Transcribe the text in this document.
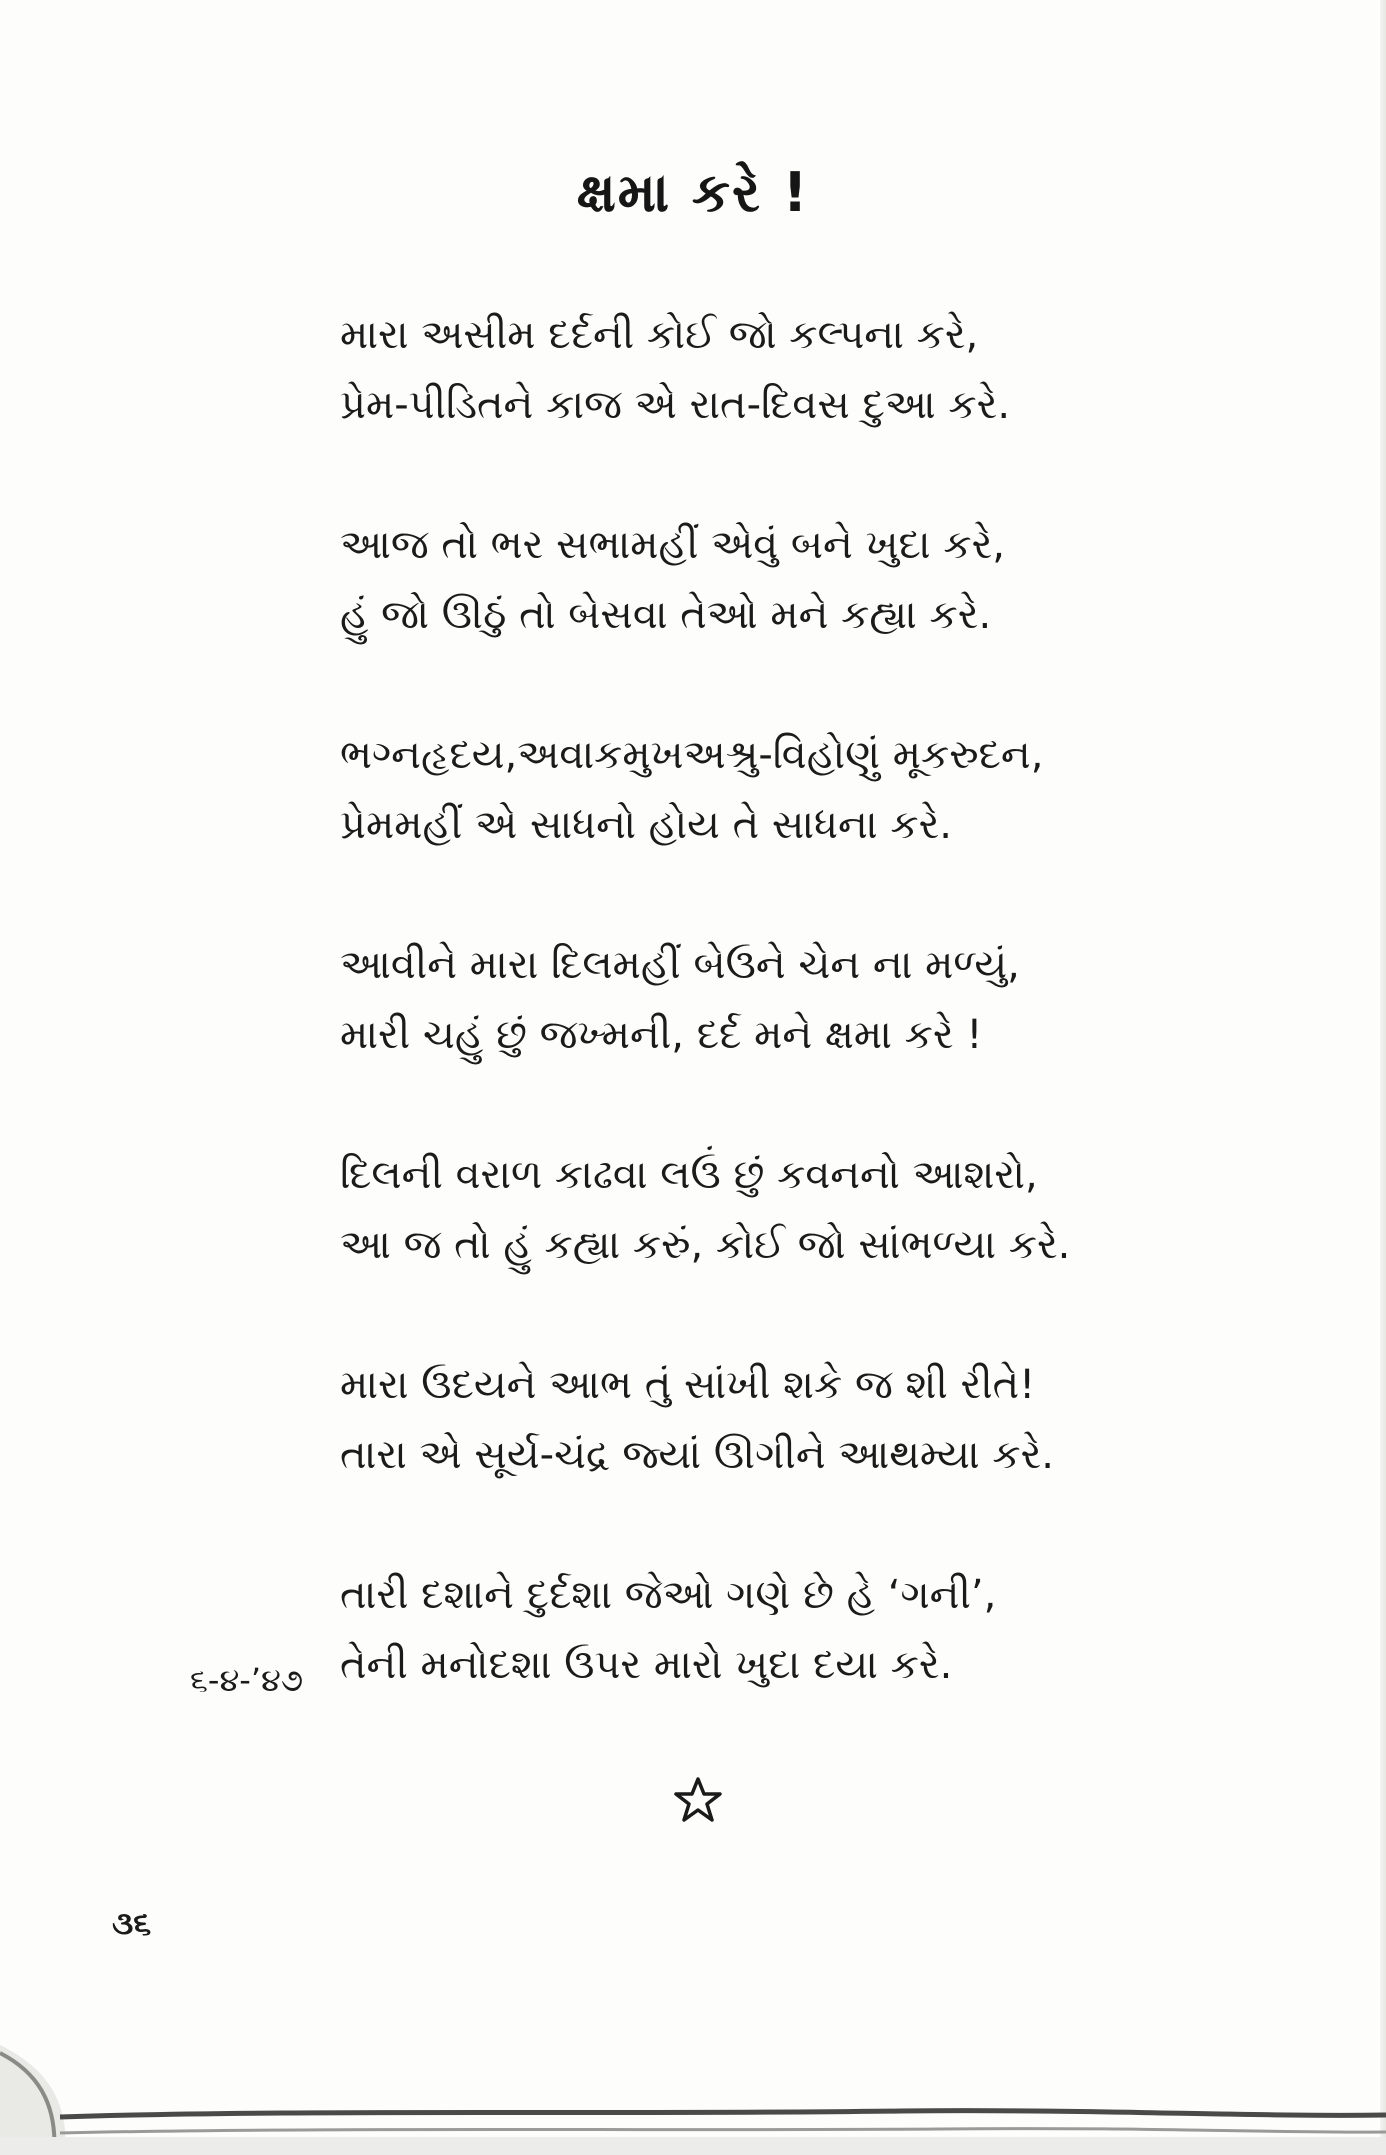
ક્ષમા કરે !
મારા અસીમ દર્દની કોઈ જો કલ્પના કરે,
પ્રેમ-પીડિતને કાજ એ રાત-દિવસ દુઆ કરે.
આજ તો ભર સભામહીં એવું બને ખુદા કરે,
હું જો ઊઠું તો બેસવા તેઓ મને કહ્યા કરે.
ભગ્નહૃદય,અવાકમુખઅશ્રુ-વિહોણું મૂકરુદન,
પ્રેમમહીં એ સાધનો હોય તે સાધના કરે.
આવીને મારા દિલમહીં બેઉને ચેન ના મળ્યું,
મારી ચહું છું જખ્મની, દર્દ મને ક્ષમા કરે !
દિલની વરાળ કાઢવા લઉં છું કવનનો આશરો,
આ જ તો હું કહ્યા કરું, કોઈ જો સાંભળ્યા કરે.
મારા ઉદયને આભ તું સાંખી શકે જ શી રીતે!
તારા એ સૂર્ય-ચંદ્ર જ્યાં ઊગીને આથમ્યા કરે.
તારી દશાને દુર્દશા જેઓ ગણે છે હે ‘ગની’,
તેની મનોદશા ઉપર મારો ખુદા દયા કરે.
૬-૪-’૪૭
૩૬
